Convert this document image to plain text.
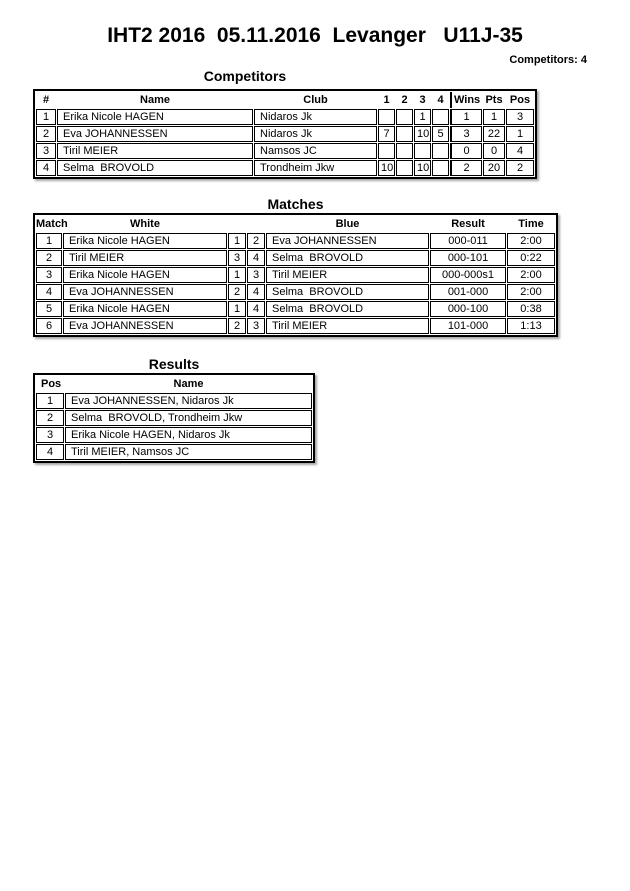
IHT2 2016  05.11.2016  Levanger   U11J-35
Competitors: 4
Competitors
#	Name	Club	1	2	3	4	Wins	Pts	Pos
1	Erika Nicole HAGEN	Nidaros Jk			1		1	1	3
2	Eva JOHANNESSEN	Nidaros Jk	7		10	5	3	22	1
3	Tiril MEIER	Namsos JC					0	0	4
4	Selma  BROVOLD	Trondheim Jkw	10		10		2	20	2
Matches
Match	White			Blue	Result	Time
1	Erika Nicole HAGEN	1	2	Eva JOHANNESSEN	000-011	2:00
2	Tiril MEIER	3	4	Selma  BROVOLD	000-101	0:22
3	Erika Nicole HAGEN	1	3	Tiril MEIER	000-000s1	2:00
4	Eva JOHANNESSEN	2	4	Selma  BROVOLD	001-000	2:00
5	Erika Nicole HAGEN	1	4	Selma  BROVOLD	000-100	0:38
6	Eva JOHANNESSEN	2	3	Tiril MEIER	101-000	1:13
Results
Pos	Name
1	Eva JOHANNESSEN, Nidaros Jk
2	Selma  BROVOLD, Trondheim Jkw
3	Erika Nicole HAGEN, Nidaros Jk
4	Tiril MEIER, Namsos JC
